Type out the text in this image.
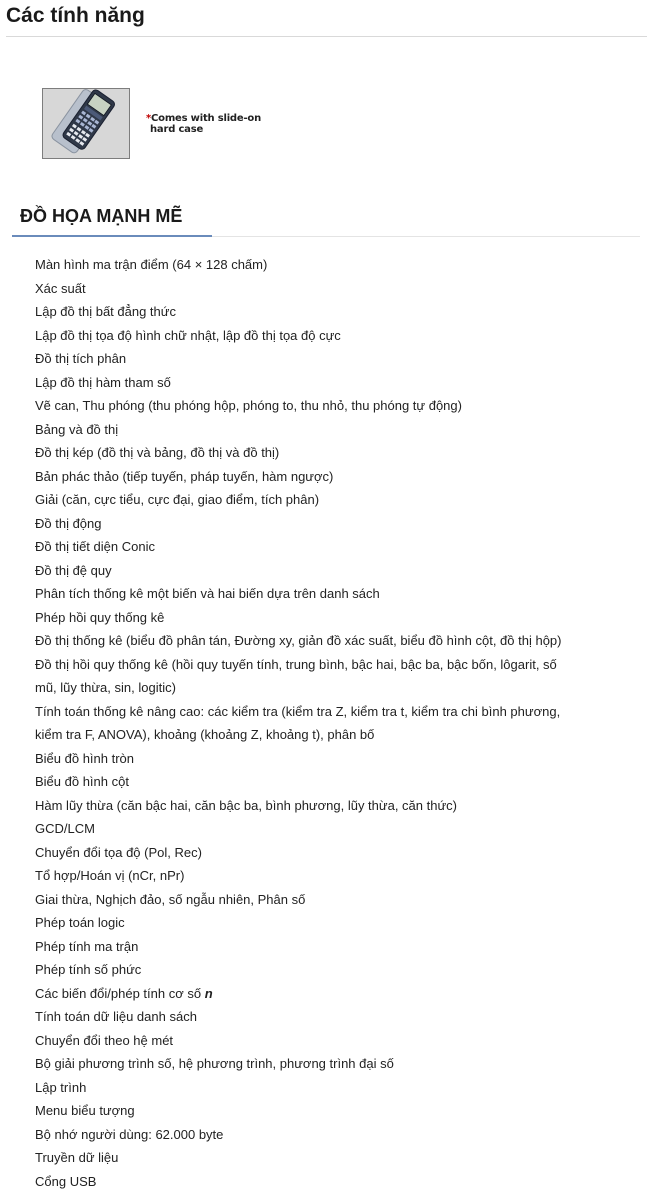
Các tính năng
*Comes with slide-on
hard case
ĐỒ HỌA MẠNH MẼ
Màn hình ma trận điểm (64 × 128 chấm)
Xác suất
Lập đồ thị bất đẳng thức
Lập đồ thị tọa độ hình chữ nhật, lập đồ thị tọa độ cực
Đồ thị tích phân
Lập đồ thị hàm tham số
Vẽ can, Thu phóng (thu phóng hộp, phóng to, thu nhỏ, thu phóng tự động)
Bảng và đồ thị
Đồ thị kép (đồ thị và bảng, đồ thị và đồ thị)
Bản phác thảo (tiếp tuyến, pháp tuyến, hàm ngược)
Giải (căn, cực tiểu, cực đại, giao điểm, tích phân)
Đồ thị động
Đồ thị tiết diện Conic
Đồ thị đệ quy
Phân tích thống kê một biến và hai biến dựa trên danh sách
Phép hồi quy thống kê
Đồ thị thống kê (biểu đồ phân tán, Đường xy, giản đồ xác suất, biểu đồ hình cột, đồ thị hộp)
Đồ thị hồi quy thống kê (hồi quy tuyến tính, trung bình, bậc hai, bậc ba, bậc bốn, lôgarit, số
mũ, lũy thừa, sin, logitic)
Tính toán thống kê nâng cao: các kiểm tra (kiểm tra Z, kiểm tra t, kiểm tra chi bình phương,
kiểm tra F, ANOVA), khoảng (khoảng Z, khoảng t), phân bố
Biểu đồ hình tròn
Biểu đồ hình cột
Hàm lũy thừa (căn bậc hai, căn bậc ba, bình phương, lũy thừa, căn thức)
GCD/LCM
Chuyển đổi tọa độ (Pol, Rec)
Tổ hợp/Hoán vị (nCr, nPr)
Giai thừa, Nghịch đảo, số ngẫu nhiên, Phân số
Phép toán logic
Phép tính ma trận
Phép tính số phức
Các biến đổi/phép tính cơ số n
Tính toán dữ liệu danh sách
Chuyển đổi theo hệ mét
Bộ giải phương trình số, hệ phương trình, phương trình đại số
Lập trình
Menu biểu tượng
Bộ nhớ người dùng: 62.000 byte
Truyền dữ liệu
Cổng USB
